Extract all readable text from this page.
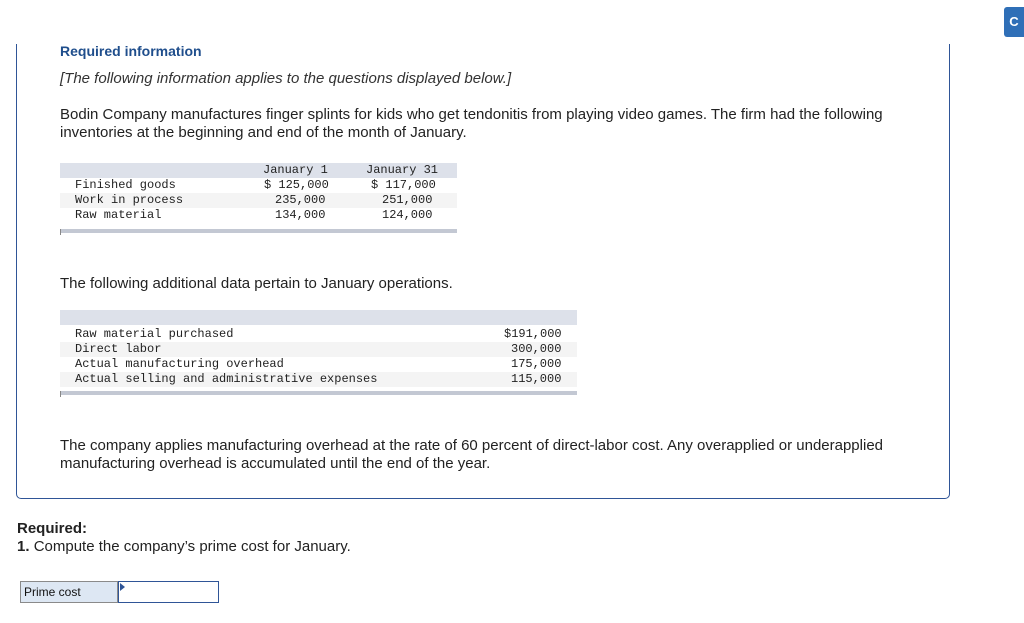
Required information
[The following information applies to the questions displayed below.]
Bodin Company manufactures finger splints for kids who get tendonitis from playing video games. The firm had the following inventories at the beginning and end of the month of January.
January 1	January 31
Finished goods	$ 125,000	$ 117,000
Work in process	235,000	251,000
Raw material	134,000	124,000
The following additional data pertain to January operations.
Raw material purchased	$191,000
Direct labor	300,000
Actual manufacturing overhead	175,000
Actual selling and administrative expenses	115,000
The company applies manufacturing overhead at the rate of 60 percent of direct-labor cost. Any overapplied or underapplied manufacturing overhead is accumulated until the end of the year.
Required:
1. Compute the company’s prime cost for January.
Prime cost
C
